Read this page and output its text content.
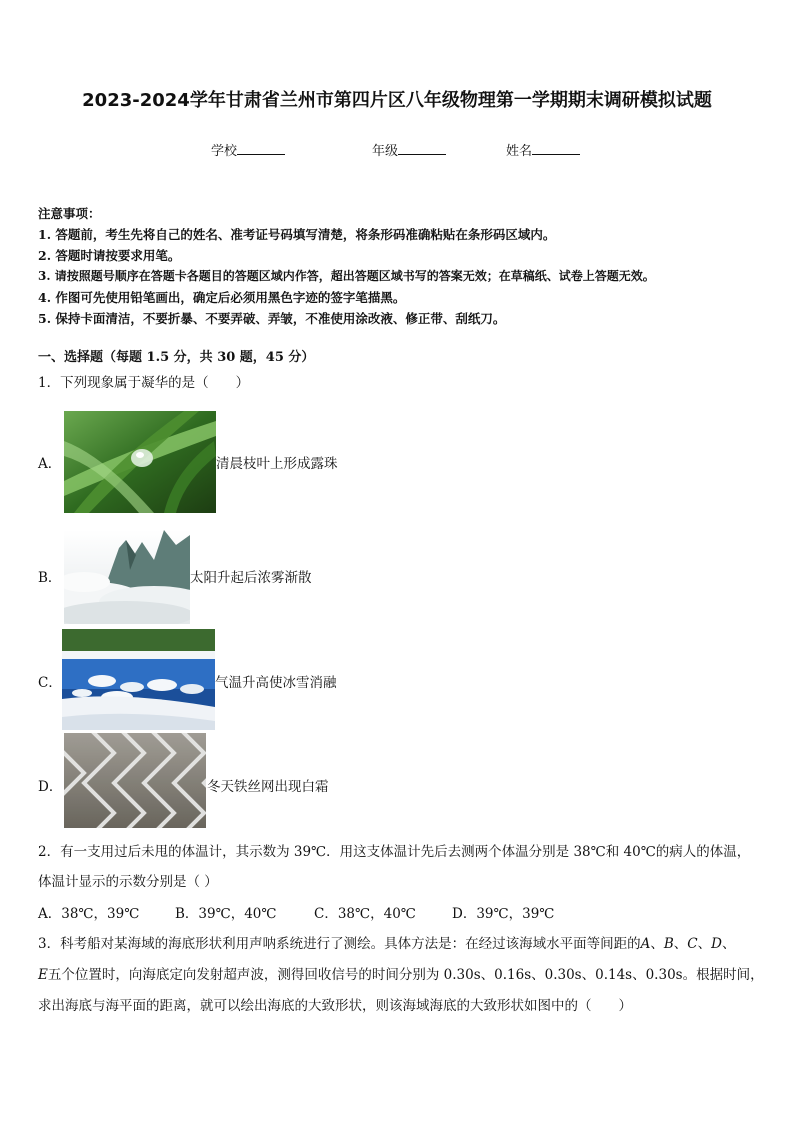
2023-2024学年甘肃省兰州市第四片区八年级物理第一学期期末调研模拟试题
学校	年级	姓名
注意事项：
1. 答题前，考生先将自己的姓名、准考证号码填写清楚，将条形码准确粘贴在条形码区域内。
2. 答题时请按要求用笔。
3. 请按照题号顺序在答题卡各题目的答题区域内作答，超出答题区域书写的答案无效；在草稿纸、试卷上答题无效。
4. 作图可先使用铅笔画出，确定后必须用黑色字迹的签字笔描黑。
5. 保持卡面清洁，不要折暴、不要弄破、弄皱，不准使用涂改液、修正带、刮纸刀。
一、选择题（每题 1.5 分，共 30 题，45 分）
1．下列现象属于凝华的是（　　）
A．	清晨枝叶上形成露珠
B．	太阳升起后浓雾渐散
C．	气温升高使冰雪消融
D．	冬天铁丝网出现白霜
2．有一支用过后未甩的体温计，其示数为 39℃．用这支体温计先后去测两个体温分别是 38℃和 40℃的病人的体温，
体温计显示的示数分别是（ ）
A．38℃，39℃	B．39℃，40℃	C．38℃，40℃	D．39℃，39℃
3．科考船对某海域的海底形状利用声呐系统进行了测绘。具体方法是：在经过该海域水平面等间距的A、B、C、D、
E五个位置时，向海底定向发射超声波，测得回收信号的时间分别为 0.30s、0.16s、0.30s、0.14s、0.30s。根据时间，
求出海底与海平面的距离，就可以绘出海底的大致形状，则该海域海底的大致形状如图中的（　　）
